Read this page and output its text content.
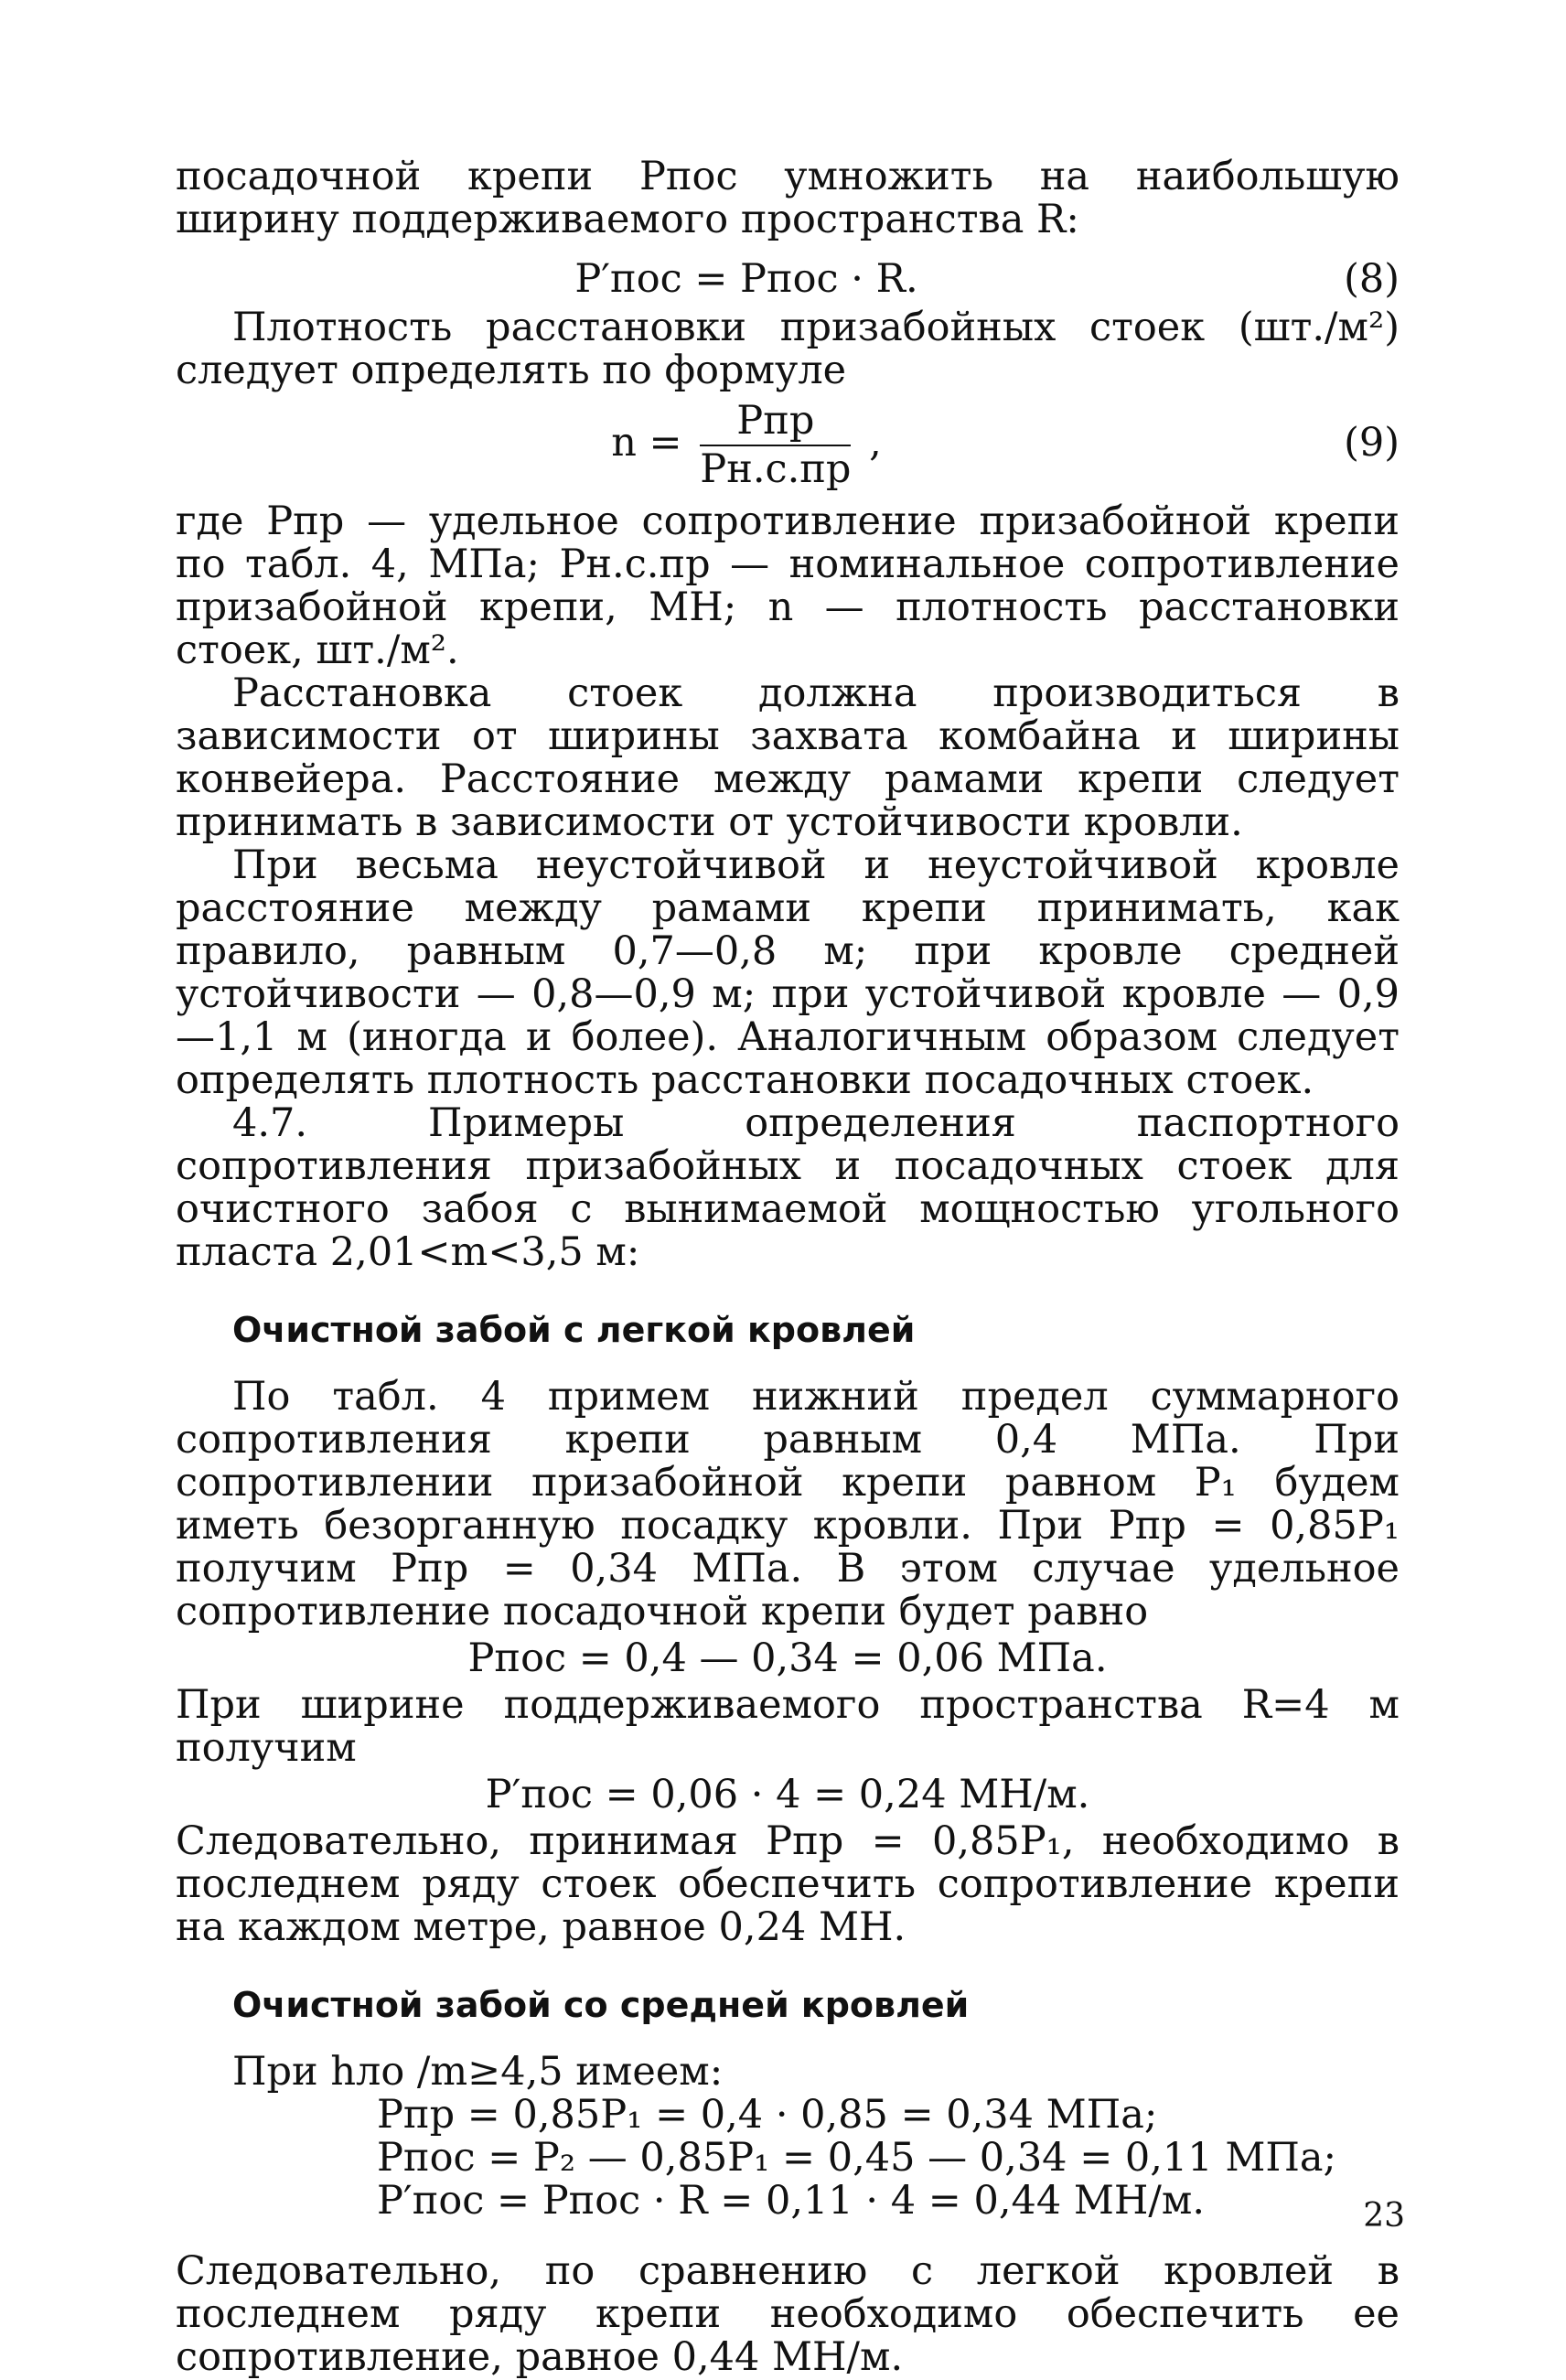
посадочной крепи Pпос умножить на наибольшую ширину поддерживаемого пространства R:

P′пос = Pпос · R.	(8)

Плотность расстановки призабойных стоек (шт./м²) следует определять по формуле

$n = \frac{\text{Pпр}}{Pн.с.пр}$ ,	(9)

где Pпр — удельное сопротивление призабойной крепи по табл. 4, МПа; Pн.с.пр — номинальное сопротивление призабойной крепи, МН; n — плотность расстановки стоек, шт./м².

Расстановка стоек должна производиться в зависимости от ширины захвата комбайна и ширины конвейера. Расстояние между рамами крепи следует принимать в зависимости от устойчивости кровли.

При весьма неустойчивой и неустойчивой кровле расстояние между рамами крепи принимать, как правило, равным 0,7—0,8 м; при кровле средней устойчивости — 0,8—0,9 м; при устойчивой кровле — 0,9—1,1 м (иногда и более). Аналогичным образом следует определять плотность расстановки посадочных стоек.

4.7. Примеры определения паспортного сопротивления призабойных и посадочных стоек для очистного забоя с вынимаемой мощностью угольного пласта 2,01<m<3,5 м:

Очистной забой с легкой кровлей

По табл. 4 примем нижний предел суммарного сопротивления крепи равным 0,4 МПа. При сопротивлении призабойной крепи равном P₁ будем иметь безорганную посадку кровли. При Pпр = 0,85P₁ получим Pпр = 0,34 МПа. В этом случае удельное сопротивление посадочной крепи будет равно

Pпос = 0,4 — 0,34 = 0,06 МПа.

При ширине поддерживаемого пространства R=4 м получим

P′пос = 0,06 · 4 = 0,24 МН/м.

Следовательно, принимая Pпр = 0,85P₁, необходимо в последнем ряду стоек обеспечить сопротивление крепи на каждом метре, равное 0,24 МН.

Очистной забой со средней кровлей

При hло /m≥4,5 имеем:

Pпр = 0,85P₁ = 0,4 · 0,85 = 0,34 МПа;
Pпос = P₂ — 0,85P₁ = 0,45 — 0,34 = 0,11 МПа;
P′пос = Pпос · R = 0,11 · 4 = 0,44 МН/м.

Следовательно, по сравнению с легкой кровлей в последнем ряду крепи необходимо обеспечить ее сопротивление, равное 0,44 МН/м.

23
